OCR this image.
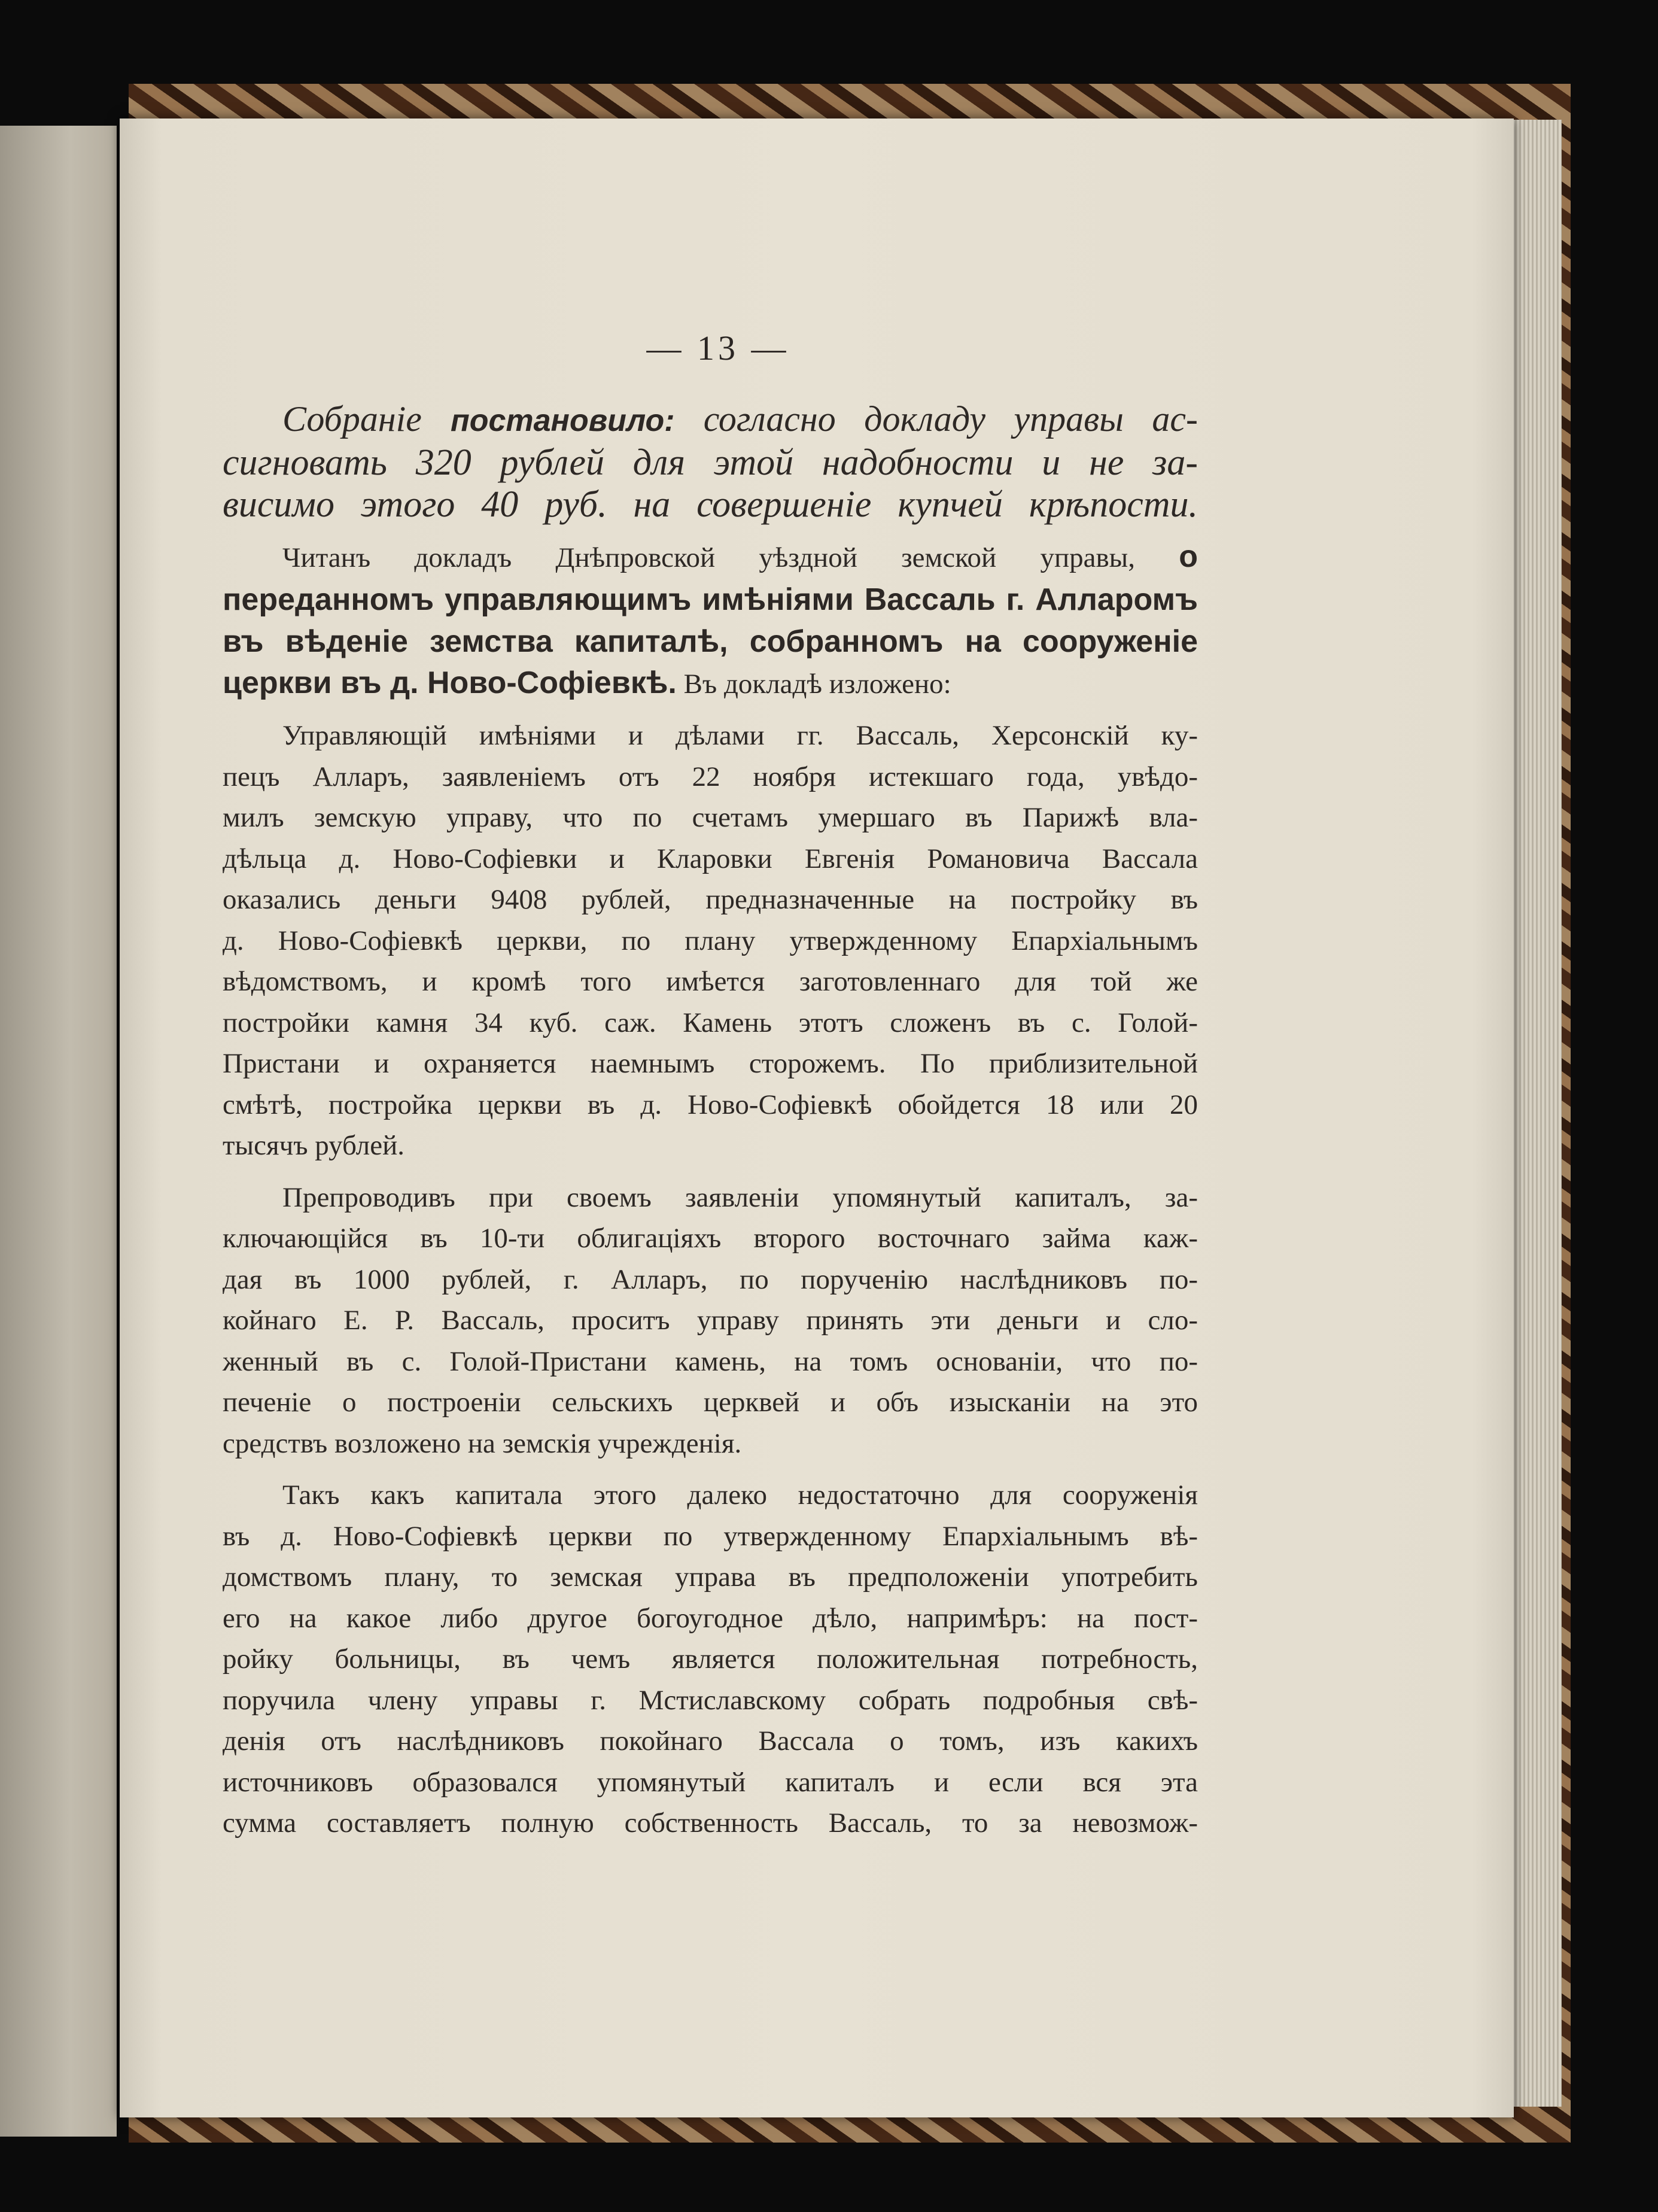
— 13 —
Собраніе постановило: согласно докладу управы ас-
сигновать 320 рублей для этой надобности и не за-
висимо этого 40 руб. на совершеніе купчей крѣпости.
Читанъ докладъ Днѣпровской уѣздной земской управы, о
переданномъ управляющимъ имѣніями Вассаль г. Алларомъ
въ вѣденіе земства капиталѣ, собранномъ на сооруженіе
церкви въ д. Ново-Софіевкѣ. Въ докладѣ изложено:
Управляющій имѣніями и дѣлами гг. Вассаль, Херсонскій ку-
пецъ Алларъ, заявленіемъ отъ 22 ноября истекшаго года, увѣдо-
милъ земскую управу, что по счетамъ умершаго въ Парижѣ вла-
дѣльца д. Ново-Софіевки и Кларовки Евгенія Романовича Вассала
оказались деньги 9408 рублей, предназначенные на постройку въ
д. Ново-Софіевкѣ церкви, по плану утвержденному Епархіальнымъ
вѣдомствомъ, и кромѣ того имѣется заготовленнаго для той же
постройки камня 34 куб. саж. Камень этотъ сложенъ въ с. Голой-
Пристани и охраняется наемнымъ сторожемъ. По приблизительной
смѣтѣ, постройка церкви въ д. Ново-Софіевкѣ обойдется 18 или 20
тысячъ рублей.
Препроводивъ при своемъ заявленіи упомянутый капиталъ, за-
ключающійся въ 10-ти облигаціяхъ второго восточнаго займа каж-
дая въ 1000 рублей, г. Алларъ, по порученію наслѣдниковъ по-
койнаго Е. Р. Вассаль, проситъ управу принять эти деньги и сло-
женный въ с. Голой-Пристани камень, на томъ основаніи, что по-
печеніе о построеніи сельскихъ церквей и объ изысканіи на это
средствъ возложено на земскія учрежденія.
Такъ какъ капитала этого далеко недостаточно для сооруженія
въ д. Ново-Софіевкѣ церкви по утвержденному Епархіальнымъ вѣ-
домствомъ плану, то земская управа въ предположеніи употребить
его на какое либо другое богоугодное дѣло, напримѣръ: на пост-
ройку больницы, въ чемъ является положительная потребность,
поручила члену управы г. Мстиславскому собрать подробныя свѣ-
денія отъ наслѣдниковъ покойнаго Вассала о томъ, изъ какихъ
источниковъ образовался упомянутый капиталъ и если вся эта
сумма составляетъ полную собственность Вассаль, то за невозмож-
